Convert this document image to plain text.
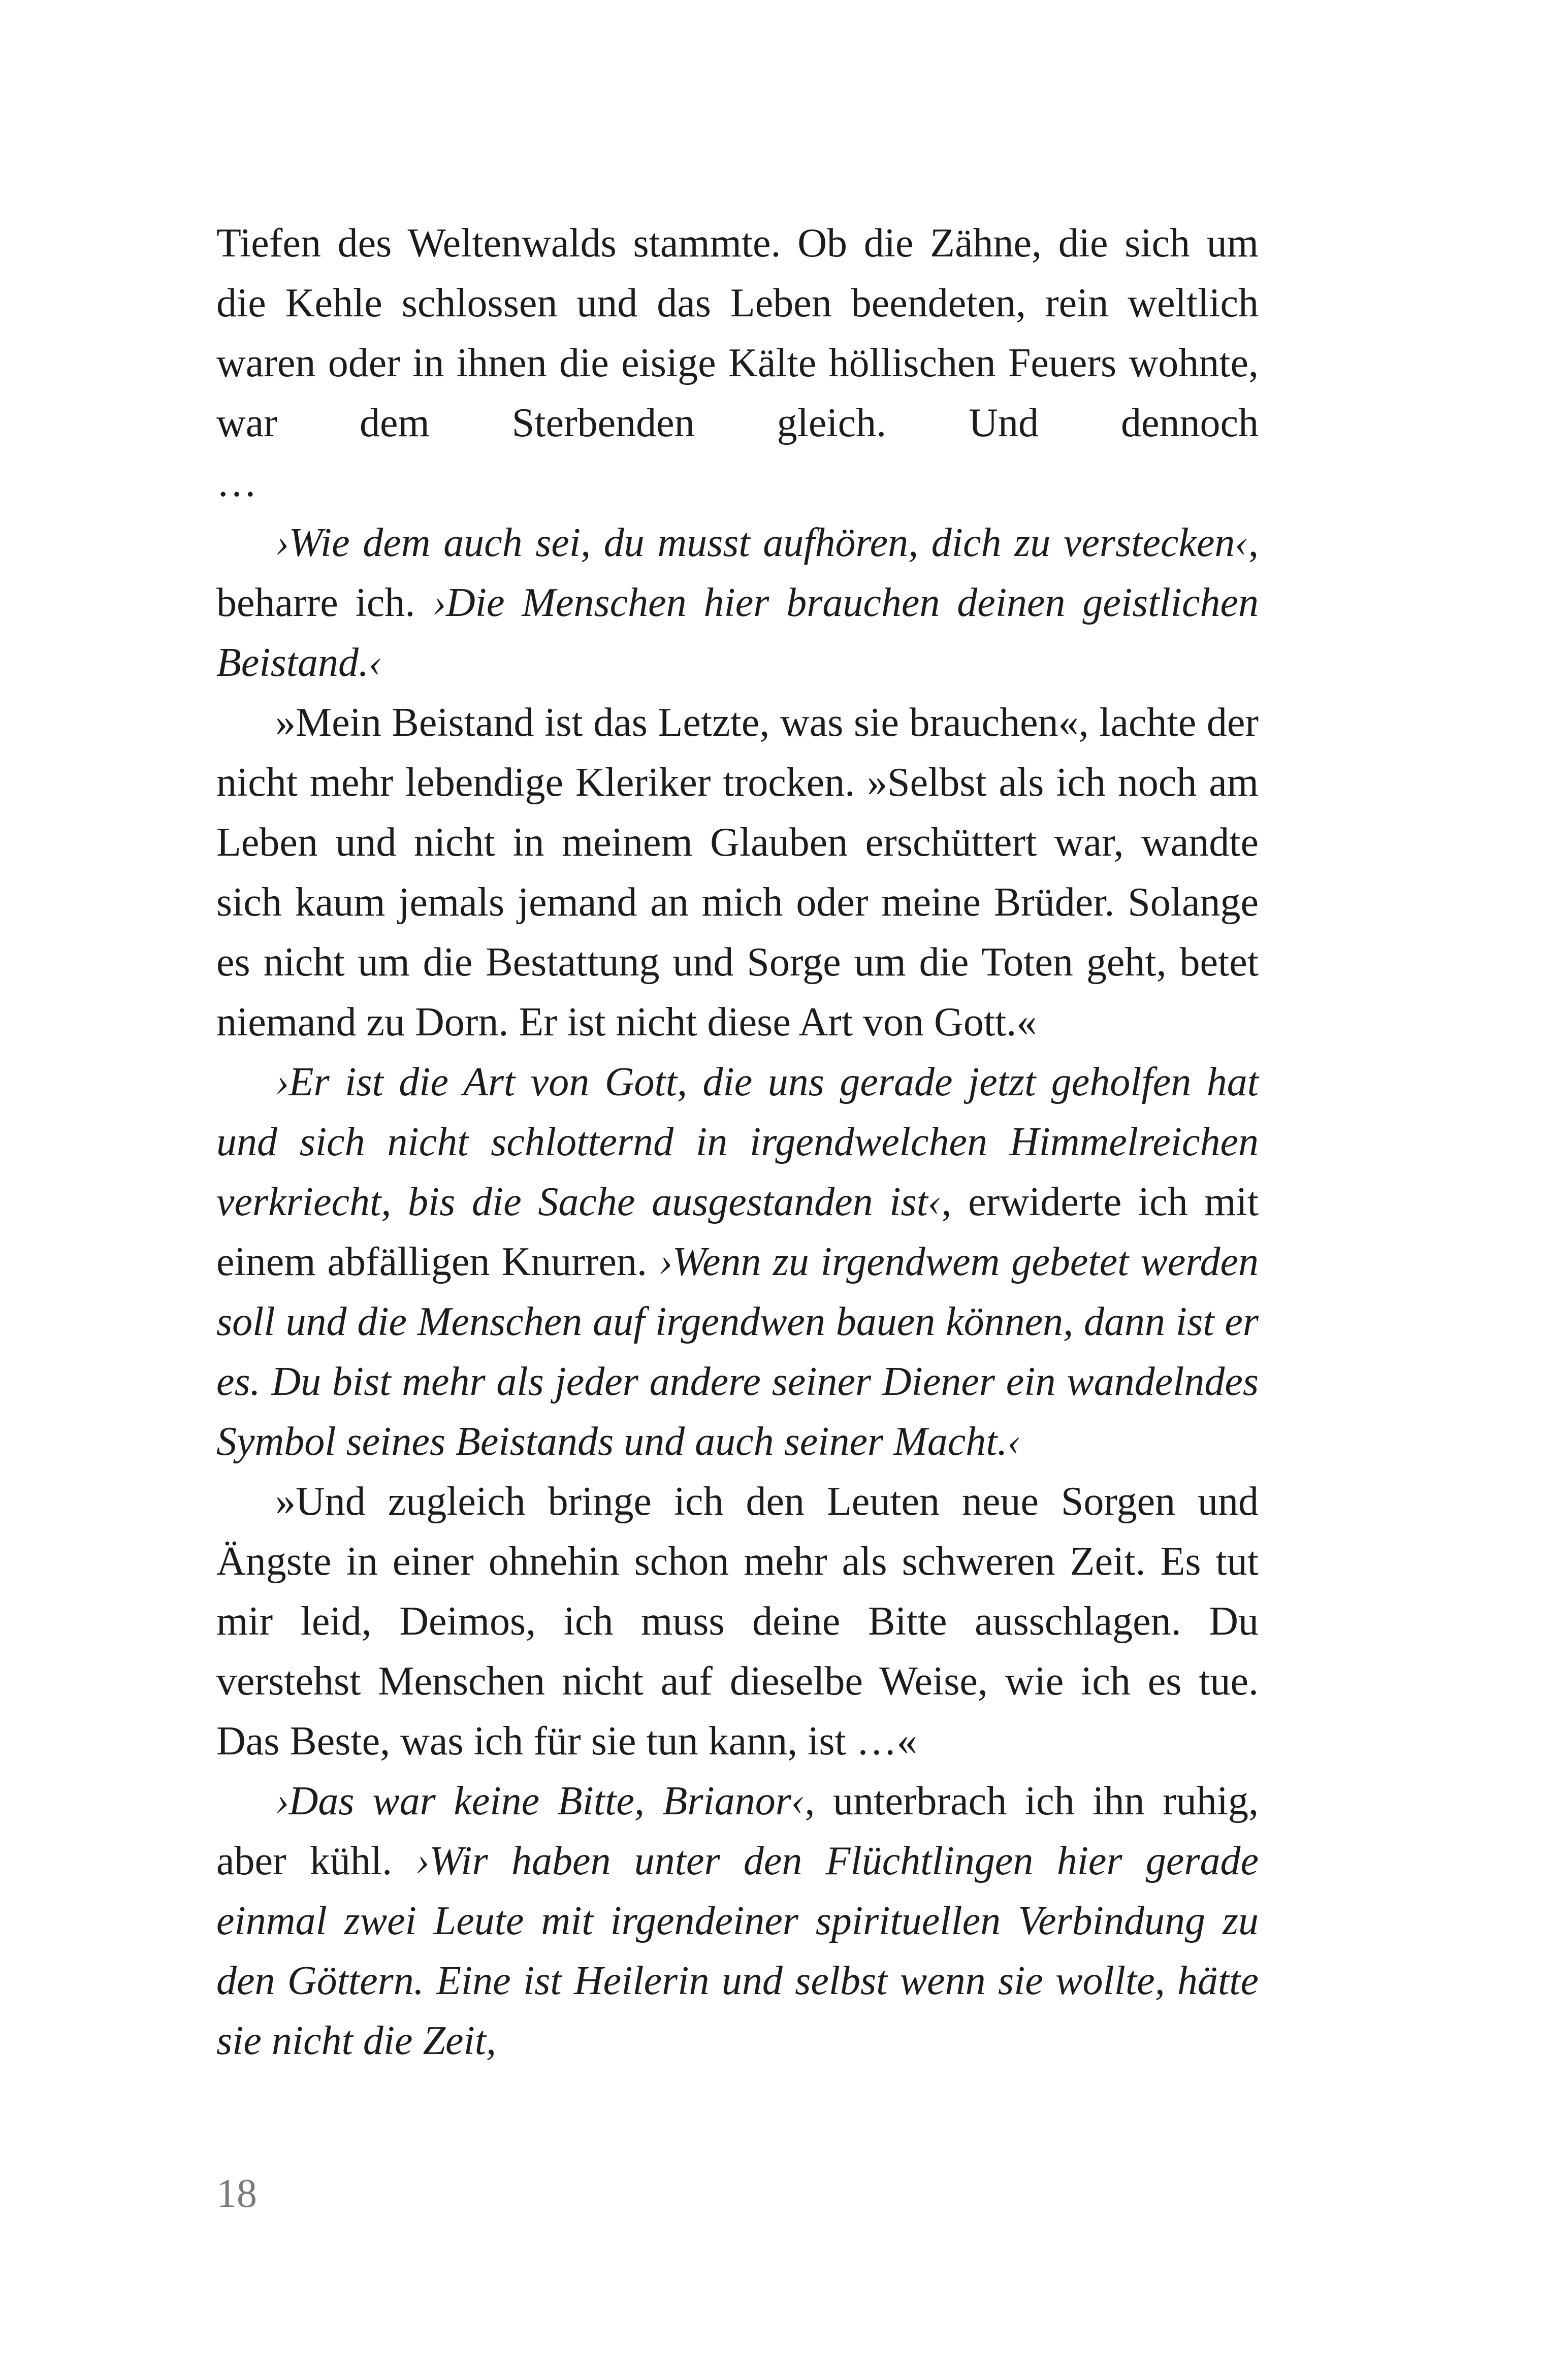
Tiefen des Weltenwalds stammte. Ob die Zähne, die sich um die Kehle schlossen und das Leben beendeten, rein weltlich waren oder in ihnen die eisige Kälte höllischen Feuers wohnte, war dem Sterbenden gleich. Und dennoch

…

›Wie dem auch sei, du musst aufhören, dich zu verstecken‹, beharre ich. ›Die Menschen hier brauchen deinen geistlichen Beistand.‹

»Mein Beistand ist das Letzte, was sie brauchen«, lachte der nicht mehr lebendige Kleriker trocken. »Selbst als ich noch am Leben und nicht in meinem Glauben erschüttert war, wandte sich kaum jemals jemand an mich oder meine Brüder. Solange es nicht um die Bestattung und Sorge um die Toten geht, betet niemand zu Dorn. Er ist nicht diese Art von Gott.«

›Er ist die Art von Gott, die uns gerade jetzt geholfen hat und sich nicht schlotternd in irgendwelchen Himmelreichen verkriecht, bis die Sache ausgestanden ist‹, erwiderte ich mit einem abfälligen Knurren. ›Wenn zu irgendwem gebetet werden soll und die Menschen auf irgendwen bauen können, dann ist er es. Du bist mehr als jeder andere seiner Diener ein wandelndes Symbol seines Beistands und auch seiner Macht.‹

»Und zugleich bringe ich den Leuten neue Sorgen und Ängste in einer ohnehin schon mehr als schweren Zeit. Es tut mir leid, Deimos, ich muss deine Bitte ausschlagen. Du verstehst Menschen nicht auf dieselbe Weise, wie ich es tue. Das Beste, was ich für sie tun kann, ist …«

›Das war keine Bitte, Brianor‹, unterbrach ich ihn ruhig, aber kühl. ›Wir haben unter den Flüchtlingen hier gerade einmal zwei Leute mit irgendeiner spirituellen Verbindung zu den Göttern. Eine ist Heilerin und selbst wenn sie wollte, hätte sie nicht die Zeit,

18
